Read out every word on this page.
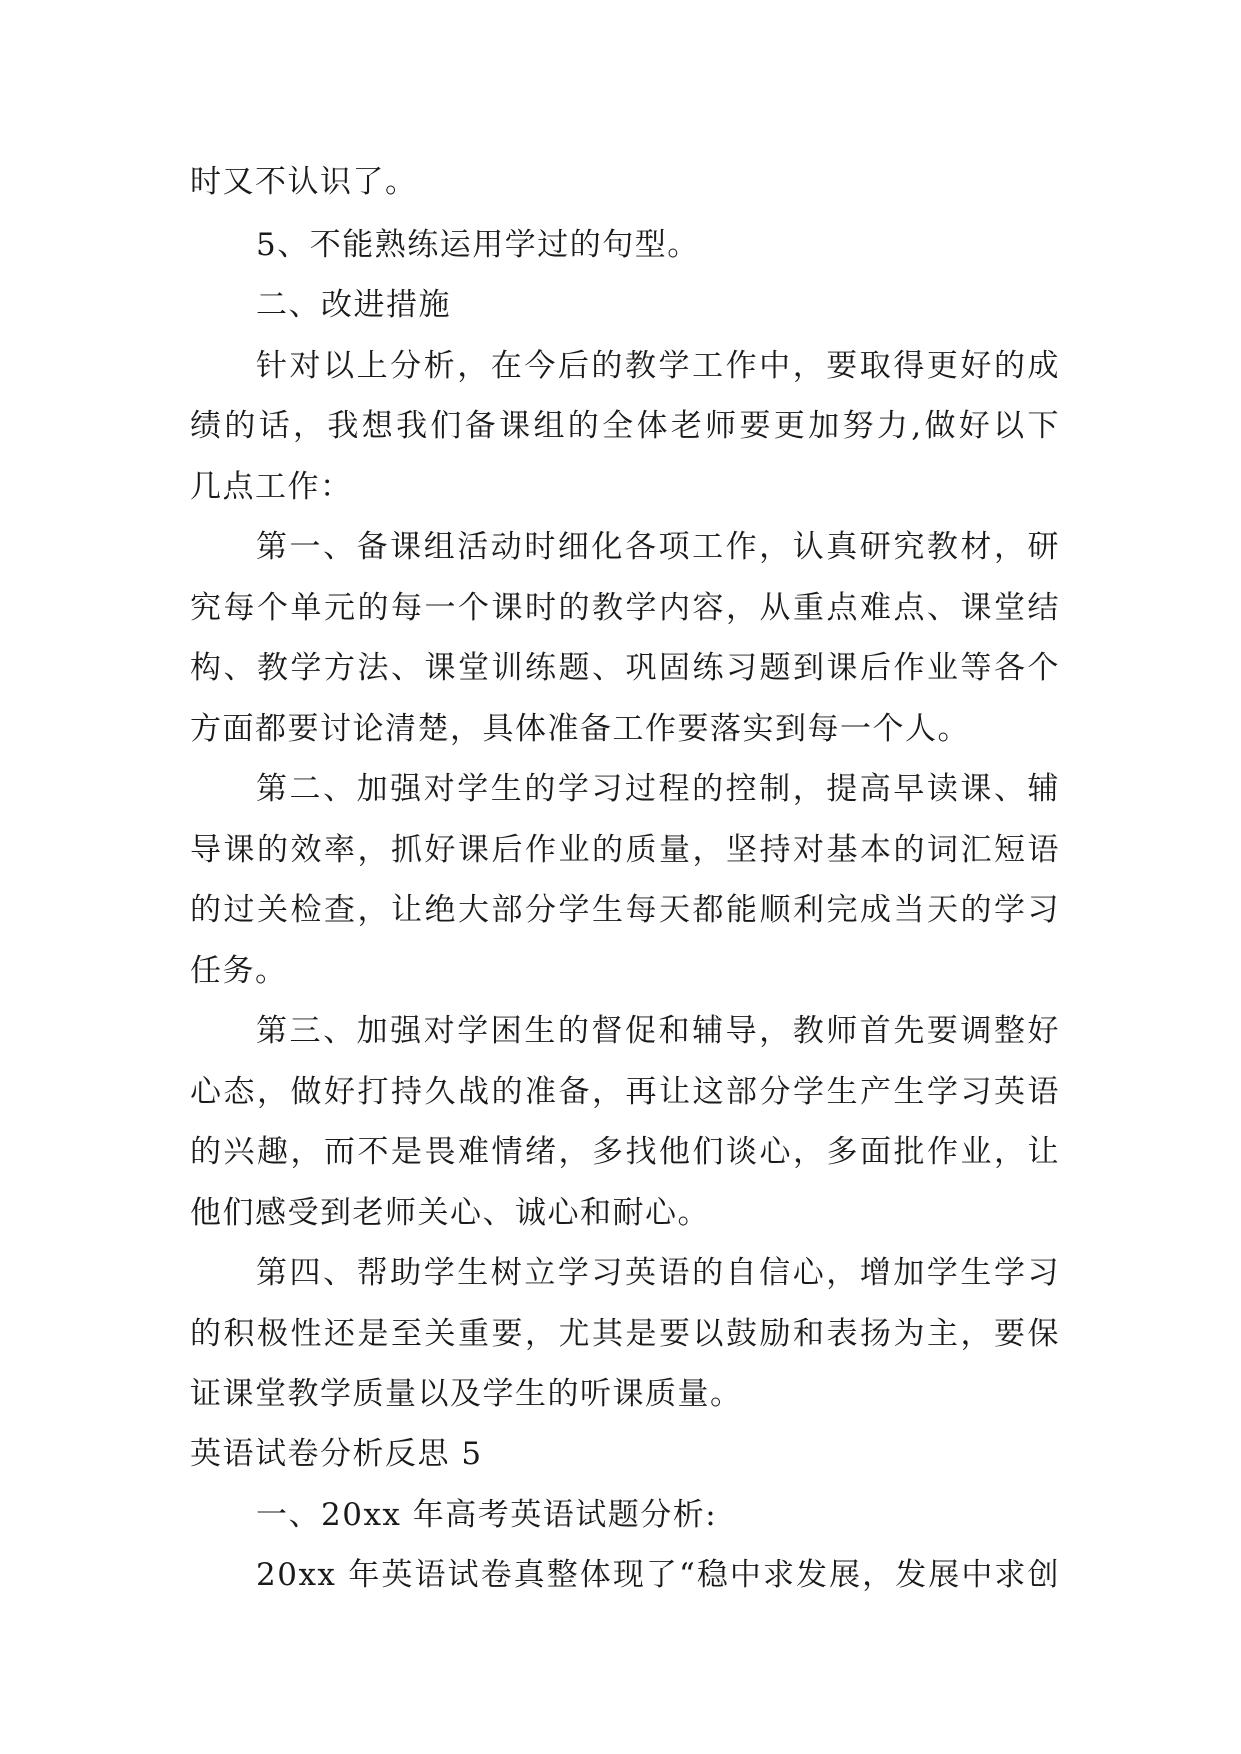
时又不认识了。
5、不能熟练运用学过的句型。
二、改进措施
针对以上分析，在今后的教学工作中，要取得更好的成
绩的话，我想我们备课组的全体老师要更加努力,做好以下
几点工作：
第一、备课组活动时细化各项工作，认真研究教材，研
究每个单元的每一个课时的教学内容，从重点难点、课堂结
构、教学方法、课堂训练题、巩固练习题到课后作业等各个
方面都要讨论清楚，具体准备工作要落实到每一个人。
第二、加强对学生的学习过程的控制，提高早读课、辅
导课的效率，抓好课后作业的质量，坚持对基本的词汇短语
的过关检查，让绝大部分学生每天都能顺利完成当天的学习
任务。
第三、加强对学困生的督促和辅导，教师首先要调整好
心态，做好打持久战的准备，再让这部分学生产生学习英语
的兴趣，而不是畏难情绪，多找他们谈心，多面批作业，让
他们感受到老师关心、诚心和耐心。
第四、帮助学生树立学习英语的自信心，增加学生学习
的积极性还是至关重要，尤其是要以鼓励和表扬为主，要保
证课堂教学质量以及学生的听课质量。
英语试卷分析反思 5
一、20xx 年高考英语试题分析:
20xx 年英语试卷真整体现了“稳中求发展，发展中求创
